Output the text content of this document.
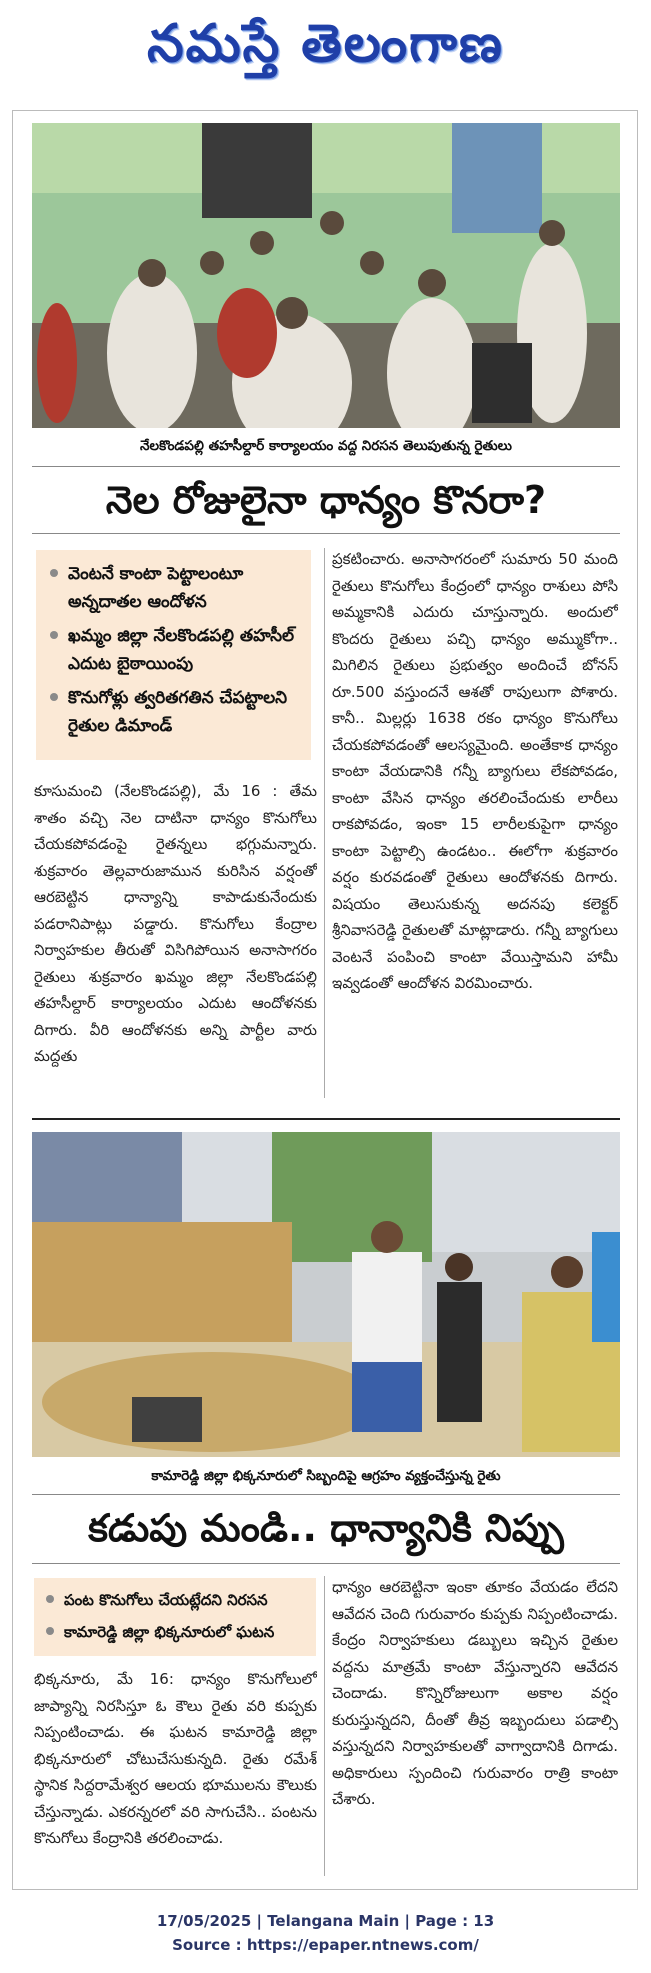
నమస్తే తెలంగాణ
నేలకొండపల్లి తహసీల్దార్ కార్యాలయం వద్ద నిరసన తెలుపుతున్న రైతులు
నెల రోజులైనా ధాన్యం కొనరా?
వెంటనే కాంటా పెట్టాలంటూ అన్నదాతల ఆందోళన
ఖమ్మం జిల్లా నేలకొండపల్లి తహసీల్ ఎదుట బైఠాయింపు
కొనుగోళ్లు త్వరితగతిన చేపట్టాలని రైతుల డిమాండ్
కూసుమంచి (నేలకొండపల్లి), మే 16 : తేమ శాతం వచ్చి నెల దాటినా ధాన్యం కొనుగోలు చేయకపోవడంపై రైతన్నలు భగ్గుమన్నారు. శుక్రవారం తెల్లవారుజామున కురిసిన వర్షంతో ఆరబెట్టిన ధాన్యాన్ని కాపాడుకునేందుకు పడరానిపాట్లు పడ్డారు. కొనుగోలు కేంద్రాల నిర్వాహకుల తీరుతో విసిగిపోయిన అనాసాగరం రైతులు శుక్రవారం ఖమ్మం జిల్లా నేలకొండపల్లి తహసీల్దార్ కార్యాలయం ఎదుట ఆందోళనకు దిగారు. వీరి ఆందోళనకు అన్ని పార్టీల వారు మద్దతు
ప్రకటించారు. అనాసాగరంలో సుమారు 50 మంది రైతులు కొనుగోలు కేంద్రంలో ధాన్యం రాశులు పోసి అమ్మకానికి ఎదురు చూస్తున్నారు. అందులో కొందరు రైతులు పచ్చి ధాన్యం అమ్ముకోగా.. మిగిలిన రైతులు ప్రభుత్వం అందించే బోనస్ రూ.500 వస్తుందనే ఆశతో రాపులుగా పోశారు. కానీ.. మిల్లర్లు 1638 రకం ధాన్యం కొనుగోలు చేయకపోవడంతో ఆలస్యమైంది. అంతేకాక ధాన్యం కాంటా వేయడానికి గన్నీ బ్యాగులు లేకపోవడం, కాంటా వేసిన ధాన్యం తరలించేందుకు లారీలు రాకపోవడం, ఇంకా 15 లారీలకుపైగా ధాన్యం కాంటా పెట్టాల్సి ఉండటం.. ఈలోగా శుక్రవారం వర్షం కురవడంతో రైతులు ఆందోళనకు దిగారు. విషయం తెలుసుకున్న అదనపు కలెక్టర్ శ్రీనివాసరెడ్డి రైతులతో మాట్లాడారు. గన్నీ బ్యాగులు వెంటనే పంపించి కాంటా వేయిస్తామని హామీ ఇవ్వడంతో ఆందోళన విరమించారు.
కామారెడ్డి జిల్లా భిక్కనూరులో సిబ్బందిపై ఆగ్రహం వ్యక్తంచేస్తున్న రైతు
కడుపు మండి.. ధాన్యానికి నిప్పు
పంట కొనుగోలు చేయట్లేదని నిరసన
కామారెడ్డి జిల్లా భిక్కనూరులో ఘటన
భిక్కనూరు, మే 16: ధాన్యం కొనుగోలులో జాప్యాన్ని నిరసిస్తూ ఓ కౌలు రైతు వరి కుప్పకు నిప్పంటించాడు. ఈ ఘటన కామారెడ్డి జిల్లా భిక్కనూరులో చోటుచేసుకున్నది. రైతు రమేశ్ స్థానిక సిద్దరామేశ్వర ఆలయ భూములను కౌలుకు చేస్తున్నాడు. ఎకరన్నరలో వరి సాగుచేసి.. పంటను కొనుగోలు కేంద్రానికి తరలించాడు.
ధాన్యం ఆరబెట్టినా ఇంకా తూకం వేయడం లేదని ఆవేదన చెంది గురువారం కుప్పకు నిప్పంటించాడు. కేంద్రం నిర్వాహకులు డబ్బులు ఇచ్చిన రైతుల వద్దను మాత్రమే కాంటా వేస్తున్నారని ఆవేదన చెందాడు. కొన్నిరోజులుగా అకాల వర్షం కురుస్తున్నదని, దీంతో తీవ్ర ఇబ్బందులు పడాల్సి వస్తున్నదని నిర్వాహకులతో వాగ్వాదానికి దిగాడు. అధికారులు స్పందించి గురువారం రాత్రి కాంటా చేశారు.
17/05/2025 | Telangana Main | Page : 13
Source : https://epaper.ntnews.com/
